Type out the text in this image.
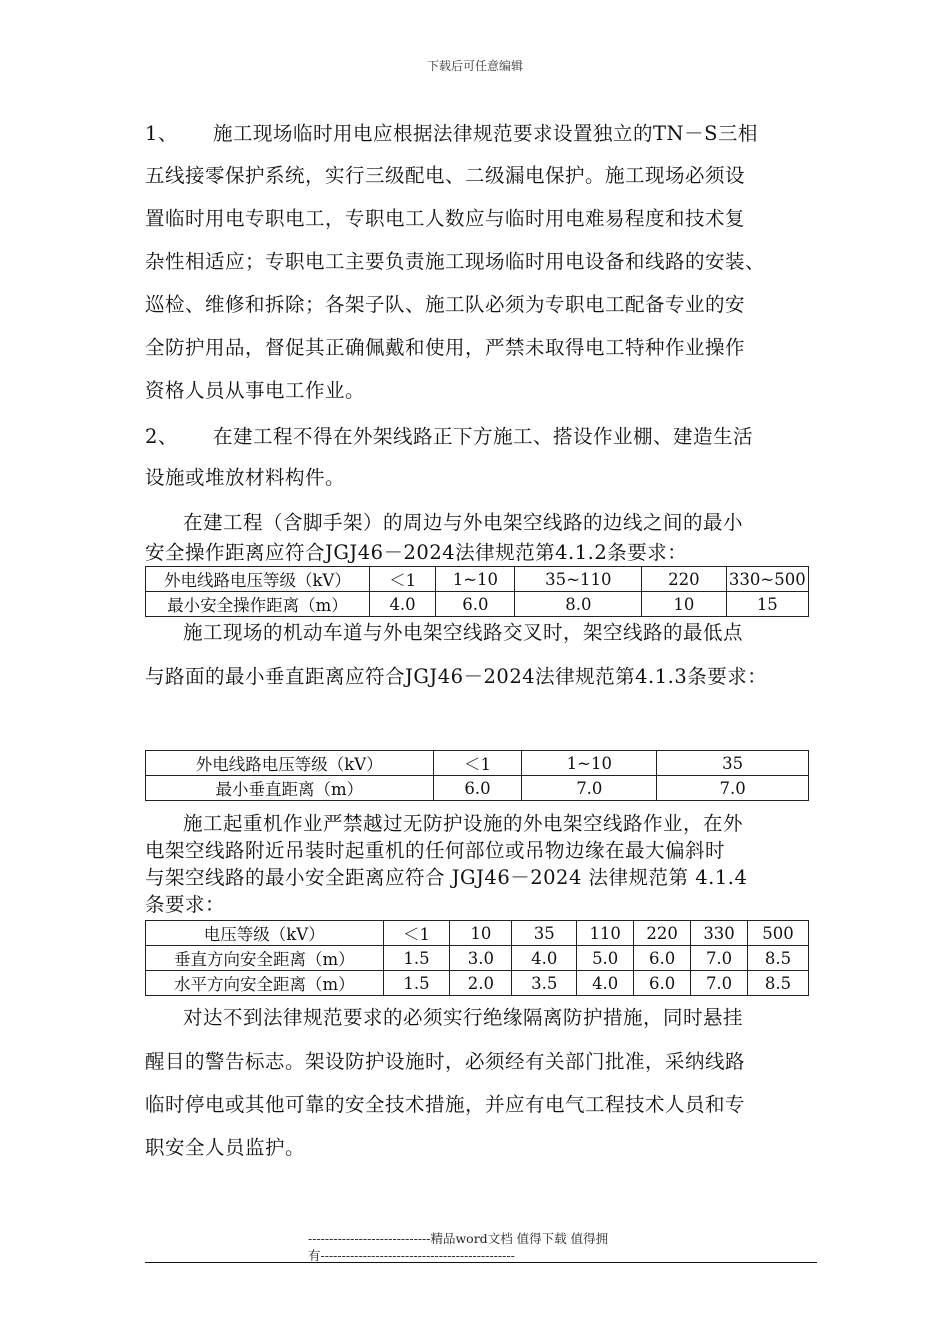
下载后可任意编辑

1、 施工现场临时用电应根据法律规范要求设置独立的TN－S三相

五线接零保护系统，实行三级配电、二级漏电保护。施工现场必须设

置临时用电专职电工，专职电工人数应与临时用电难易程度和技术复

杂性相适应；专职电工主要负责施工现场临时用电设备和线路的安装、

巡检、维修和拆除；各架子队、施工队必须为专职电工配备专业的安

全防护用品，督促其正确佩戴和使用，严禁未取得电工特种作业操作

资格人员从事电工作业。

2、 在建工程不得在外架线路正下方施工、搭设作业棚、建造生活

设施或堆放材料构件。

在建工程（含脚手架）的周边与外电架空线路的边线之间的最小

安全操作距离应符合JGJ46－2024法律规范第4.1.2条要求：

外电线路电压等级（kV）	＜1	1~10	35~110	220	330~500
最小安全操作距离（m）	4.0	6.0	8.0	10	15

施工现场的机动车道与外电架空线路交叉时，架空线路的最低点

与路面的最小垂直距离应符合JGJ46－2024法律规范第4.1.3条要求：

外电线路电压等级（kV）	＜1	1~10	35
最小垂直距离（m）	6.0	7.0	7.0

施工起重机作业严禁越过无防护设施的外电架空线路作业，在外

电架空线路附近吊装时起重机的任何部位或吊物边缘在最大偏斜时

与架空线路的最小安全距离应符合 JGJ46－2024 法律规范第 4.1.4

条要求：

电压等级（kV）	＜1	10	35	110	220	330	500
垂直方向安全距离（m）	1.5	3.0	4.0	5.0	6.0	7.0	8.5
水平方向安全距离（m）	1.5	2.0	3.5	4.0	6.0	7.0	8.5

对达不到法律规范要求的必须实行绝缘隔离防护措施，同时悬挂

醒目的警告标志。架设防护设施时，必须经有关部门批准，采纳线路

临时停电或其他可靠的安全技术措施，并应有电气工程技术人员和专

职安全人员监护。

-----------------------------精品word文档 值得下载 值得拥
有----------------------------------------------
